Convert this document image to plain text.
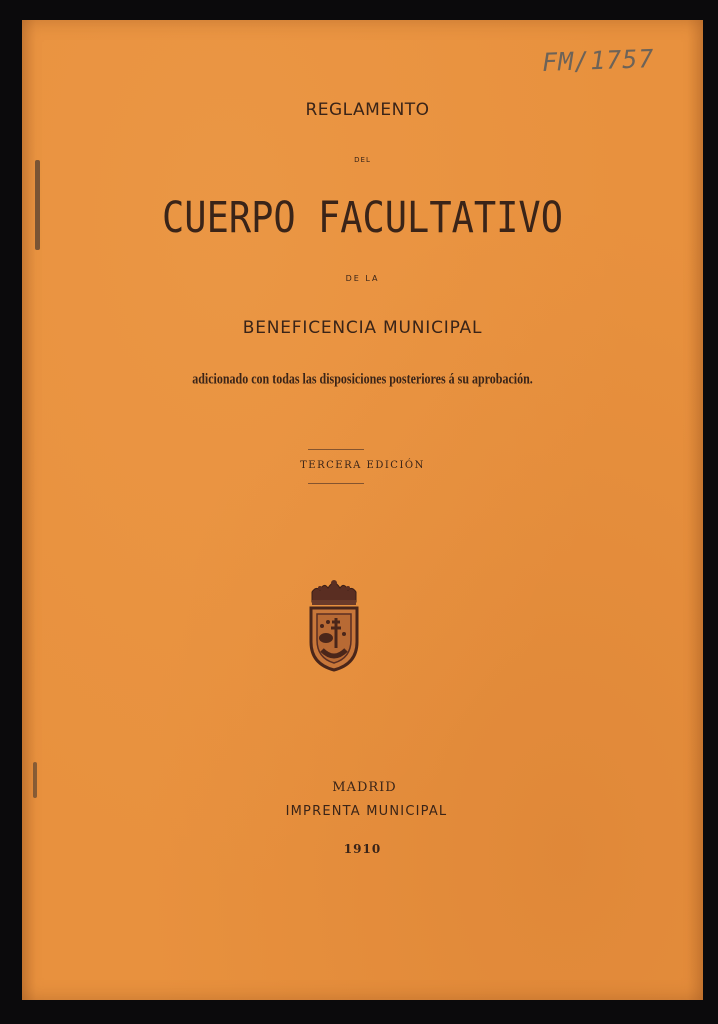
FM/1757
REGLAMENTO
DEL
CUERPO FACULTATIVO
DE LA
BENEFICENCIA MUNICIPAL
adicionado con todas las disposiciones posteriores á su aprobación.
TERCERA EDICIÓN
MADRID
IMPRENTA MUNICIPAL
1910
